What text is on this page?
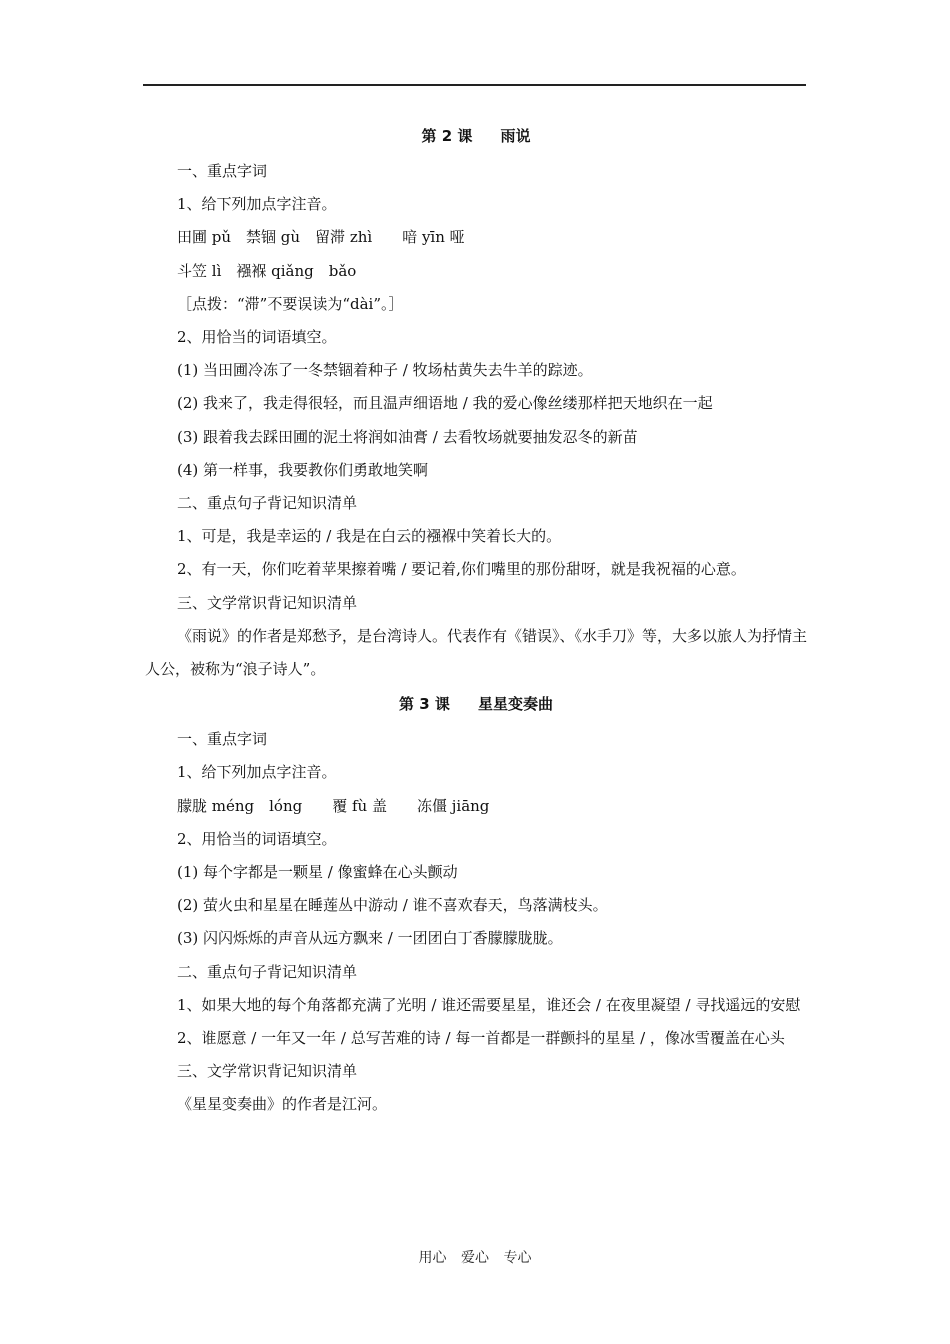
第 2 课 雨说
一、重点字词
1、给下列加点字注音。
田圃 pǔ　禁锢 gù　留滞 zhì　　喑 yīn 哑
斗笠 lì　襁褓 qiǎng　bǎo
［点拨：“滞”不要误读为“dài”。］
2、用恰当的词语填空。
(1) 当田圃冷冻了一冬禁锢着种子 / 牧场枯黄失去牛羊的踪迹。
(2) 我来了，我走得很轻，而且温声细语地 / 我的爱心像丝缕那样把天地织在一起
(3) 跟着我去踩田圃的泥土将润如油膏 / 去看牧场就要抽发忍冬的新苗
(4) 第一样事，我要教你们勇敢地笑啊
二、重点句子背记知识清单
1、可是，我是幸运的 / 我是在白云的襁褓中笑着长大的。
2、有一天，你们吃着苹果擦着嘴 / 要记着,你们嘴里的那份甜呀，就是我祝福的心意。
三、文学常识背记知识清单
《雨说》的作者是郑愁予，是台湾诗人。代表作有《错误》、《水手刀》等，大多以旅人为抒情主人公，被称为“浪子诗人”。
第 3 课 星星变奏曲
一、重点字词
1、给下列加点字注音。
朦胧 méng　lóng　　覆 fù 盖　　冻僵 jiāng
2、用恰当的词语填空。
(1) 每个字都是一颗星 / 像蜜蜂在心头颤动
(2) 萤火虫和星星在睡莲丛中游动 / 谁不喜欢春天，鸟落满枝头。
(3) 闪闪烁烁的声音从远方飘来 / 一团团白丁香朦朦胧胧。
二、重点句子背记知识清单
1、如果大地的每个角落都充满了光明 / 谁还需要星星，谁还会 / 在夜里凝望 / 寻找遥远的安慰
2、谁愿意 / 一年又一年 / 总写苦难的诗 / 每一首都是一群颤抖的星星 / ，像冰雪覆盖在心头
三、文学常识背记知识清单
《星星变奏曲》的作者是江河。
用心 爱心 专心
